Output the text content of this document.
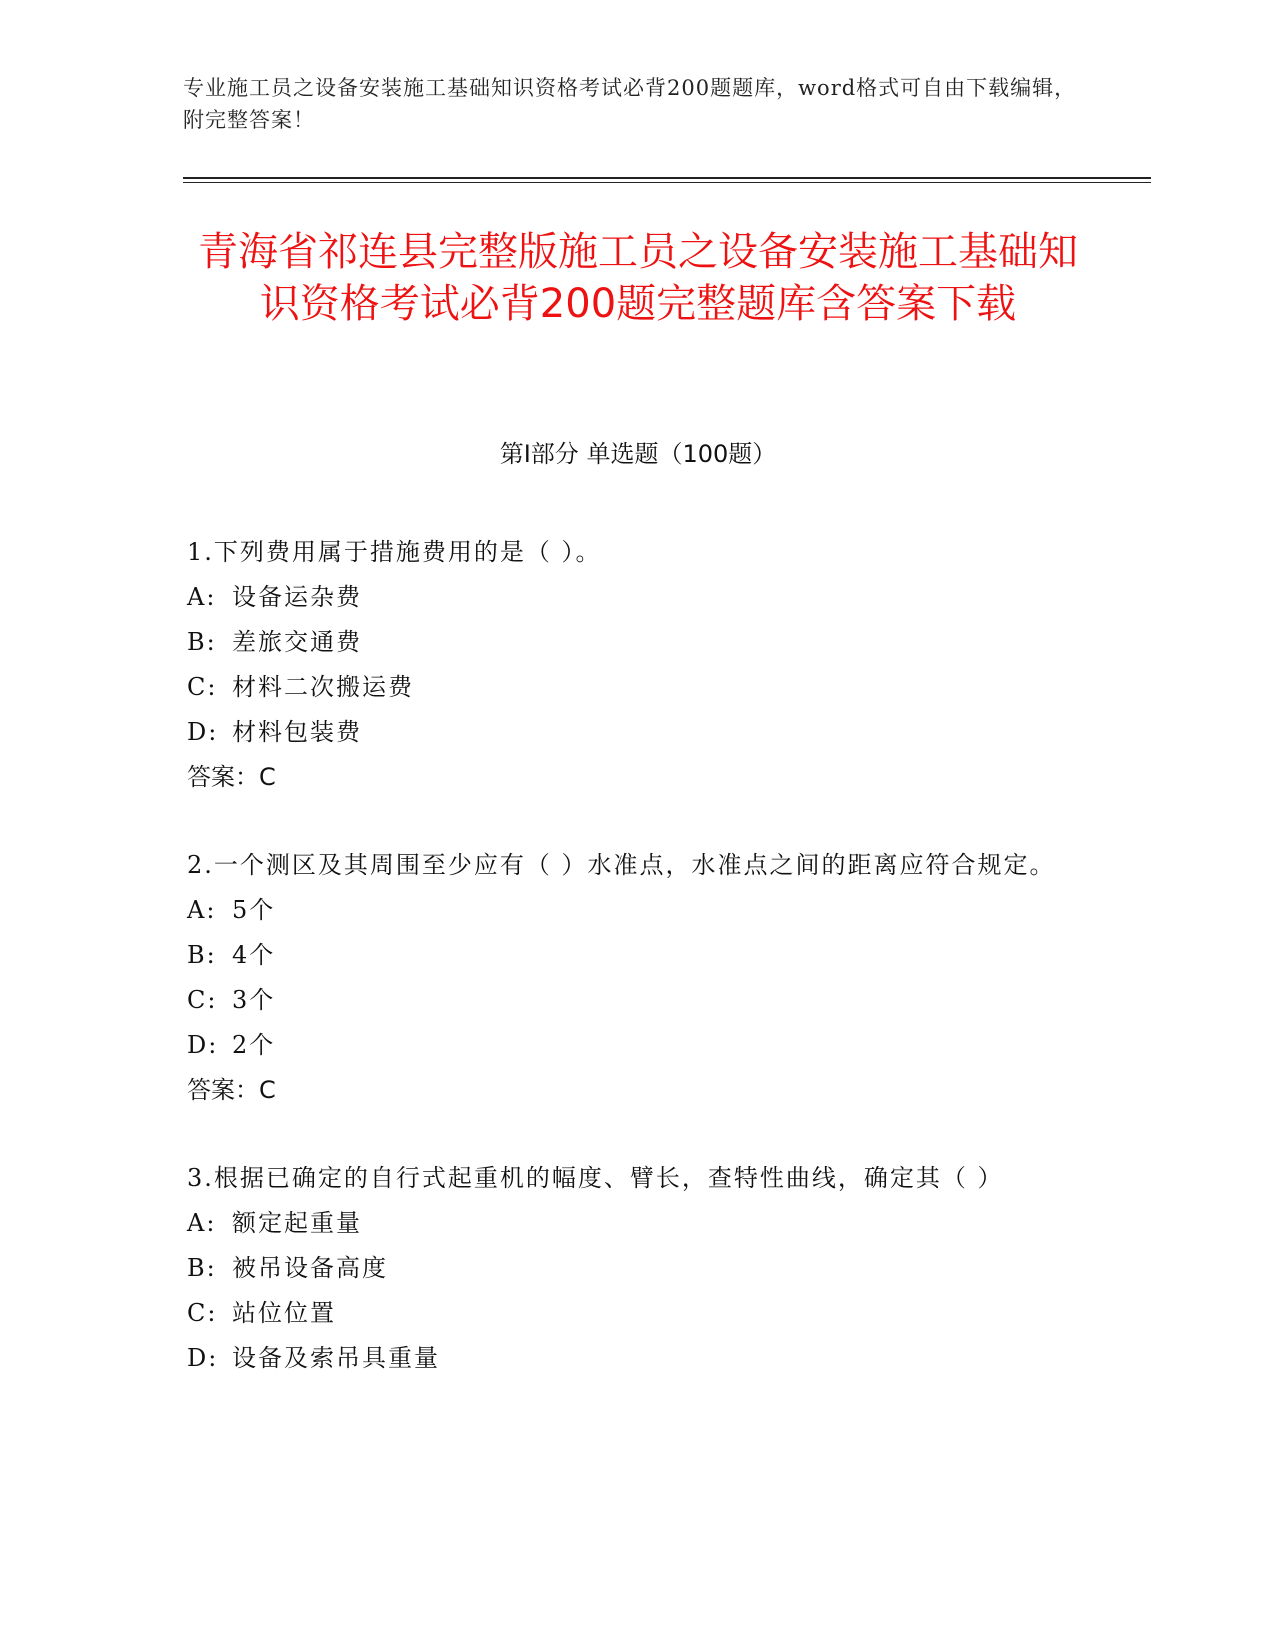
专业施工员之设备安装施工基础知识资格考试必背200题题库，word格式可自由下载编辑，附完整答案！
青海省祁连县完整版施工员之设备安装施工基础知识资格考试必背200题完整题库含答案下载
第I部分 单选题（100题）

1.下列费用属于措施费用的是（ ）。

A: 设备运杂费

B: 差旅交通费

C: 材料二次搬运费

D: 材料包装费

答案：C

2.一个测区及其周围至少应有（ ）水准点，水准点之间的距离应符合规定。

A: 5个

B: 4个

C: 3个

D: 2个

答案：C

3.根据已确定的自行式起重机的幅度、臂长，查特性曲线，确定其（ ）

A: 额定起重量

B: 被吊设备高度

C: 站位位置

D: 设备及索吊具重量
